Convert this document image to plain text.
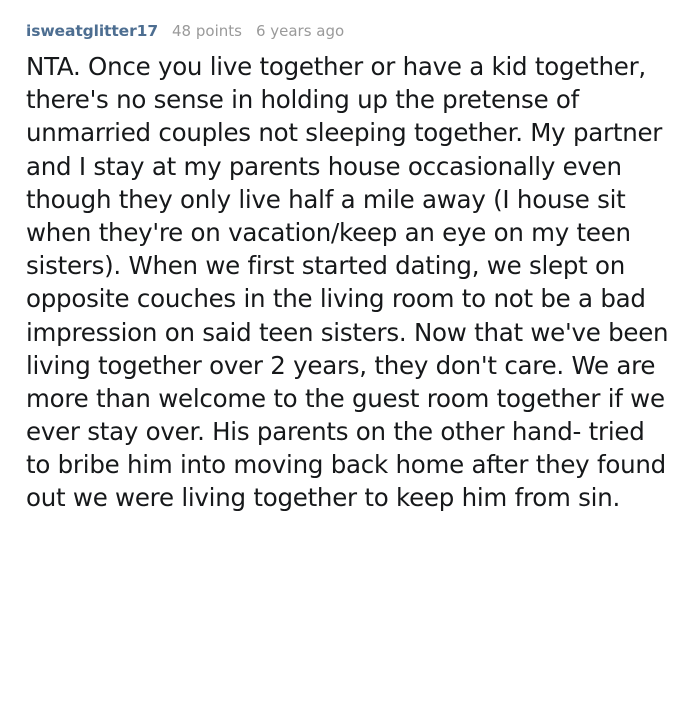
isweatglitter17 48 points 6 years ago
NTA. Once you live together or have a kid together, there's no sense in holding up the pretense of unmarried couples not sleeping together. My partner and I stay at my parents house occasionally even though they only live half a mile away (I house sit when they're on vacation/keep an eye on my teen sisters). When we first started dating, we slept on opposite couches in the living room to not be a bad impression on said teen sisters. Now that we've been living together over 2 years, they don't care. We are more than welcome to the guest room together if we ever stay over. His parents on the other hand- tried to bribe him into moving back home after they found out we were living together to keep him from sin.
